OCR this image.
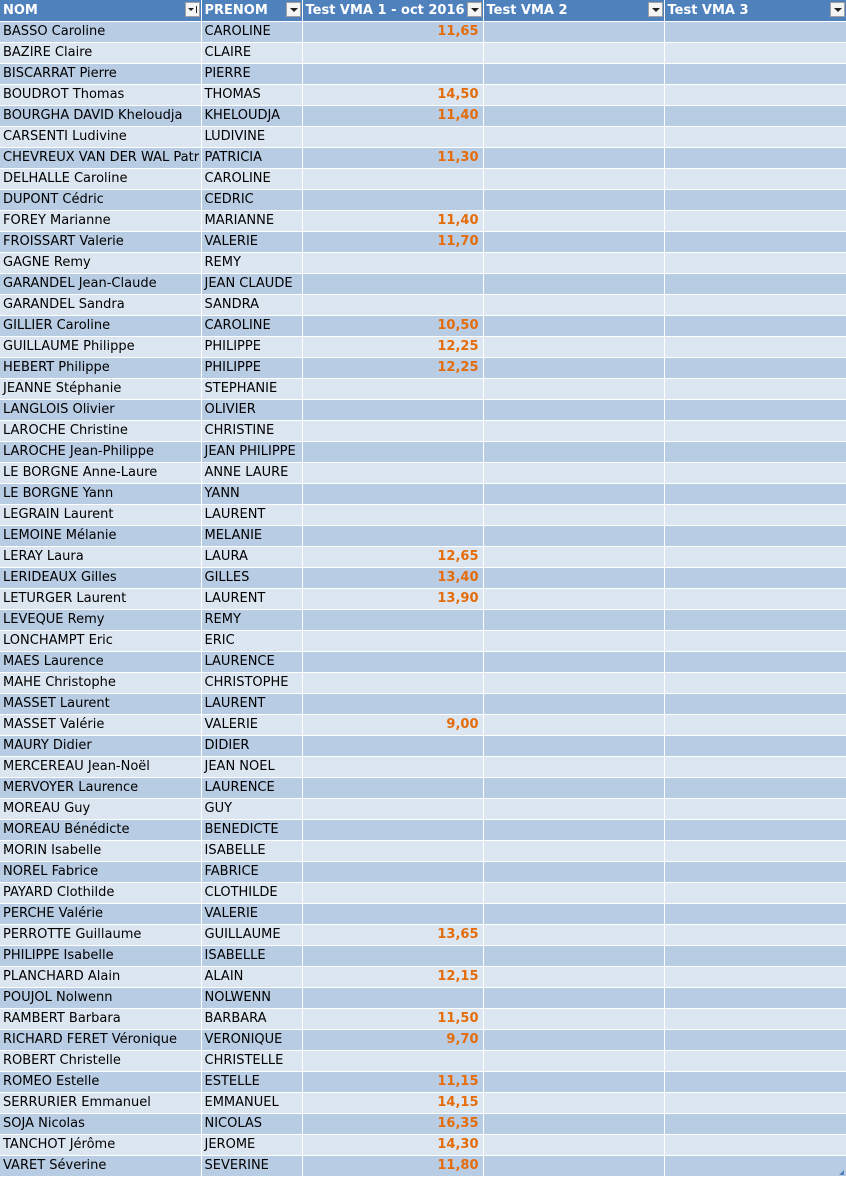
NOM	PRENOM	Test VMA 1 - oct 2016	Test VMA 2	Test VMA 3

BASSO Caroline	CAROLINE	11,65		
BAZIRE Claire	CLAIRE			
BISCARRAT Pierre	PIERRE			
BOUDROT Thomas	THOMAS	14,50		
BOURGHA DAVID Kheloudja	KHELOUDJA	11,40		
CARSENTI Ludivine	LUDIVINE			
CHEVREUX VAN DER WAL Patr	PATRICIA	11,30		
DELHALLE Caroline	CAROLINE			
DUPONT Cédric	CEDRIC			
FOREY Marianne	MARIANNE	11,40		
FROISSART Valerie	VALERIE	11,70		
GAGNE Remy	REMY			
GARANDEL Jean-Claude	JEAN CLAUDE			
GARANDEL Sandra	SANDRA			
GILLIER Caroline	CAROLINE	10,50		
GUILLAUME Philippe	PHILIPPE	12,25		
HEBERT Philippe	PHILIPPE	12,25		
JEANNE Stéphanie	STEPHANIE			
LANGLOIS Olivier	OLIVIER			
LAROCHE Christine	CHRISTINE			
LAROCHE Jean-Philippe	JEAN PHILIPPE			
LE BORGNE Anne-Laure	ANNE LAURE			
LE BORGNE Yann	YANN			
LEGRAIN Laurent	LAURENT			
LEMOINE Mélanie	MELANIE			
LERAY Laura	LAURA	12,65		
LERIDEAUX Gilles	GILLES	13,40		
LETURGER Laurent	LAURENT	13,90		
LEVEQUE Remy	REMY			
LONCHAMPT Eric	ERIC			
MAES Laurence	LAURENCE			
MAHE Christophe	CHRISTOPHE			
MASSET Laurent	LAURENT			
MASSET Valérie	VALERIE	9,00		
MAURY Didier	DIDIER			
MERCEREAU Jean-Noël	JEAN NOEL			
MERVOYER Laurence	LAURENCE			
MOREAU Guy	GUY			
MOREAU Bénédicte	BENEDICTE			
MORIN Isabelle	ISABELLE			
NOREL Fabrice	FABRICE			
PAYARD Clothilde	CLOTHILDE			
PERCHE Valérie	VALERIE			
PERROTTE Guillaume	GUILLAUME	13,65		
PHILIPPE Isabelle	ISABELLE			
PLANCHARD Alain	ALAIN	12,15		
POUJOL Nolwenn	NOLWENN			
RAMBERT Barbara	BARBARA	11,50		
RICHARD FERET Véronique	VERONIQUE	9,70		
ROBERT Christelle	CHRISTELLE			
ROMEO Estelle	ESTELLE	11,15		
SERRURIER Emmanuel	EMMANUEL	14,15		
SOJA Nicolas	NICOLAS	16,35		
TANCHOT Jérôme	JEROME	14,30		
VARET Séverine	SEVERINE	11,80		
